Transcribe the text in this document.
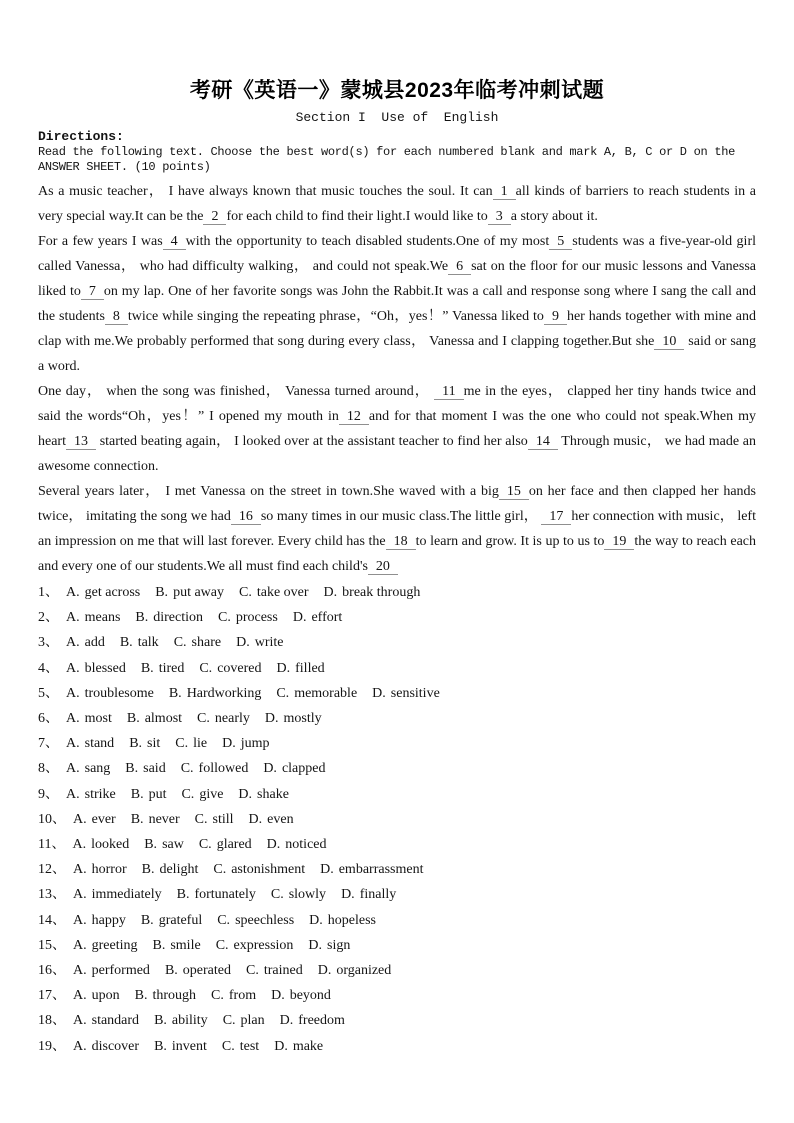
考研《英语一》蒙城县2023年临考冲刺试题
Section I  Use of  English
Directions:
Read the following text. Choose the best word(s) for each numbered blank and mark A, B, C or D on the ANSWER SHEET. (10 points)

As a music teacher， I have always known that music touches the soul. It can 1 all kinds of barriers to reach students in a very special way.It can be the 2 for each child to find their light.I would like to 3 a story about it.

For a few years I was 4 with the opportunity to teach disabled students.One of my most 5 students was a five-year-old girl called Vanessa， who had difficulty walking， and could not speak.We 6 sat on the floor for our music lessons and Vanessa liked to 7 on my lap. One of her favorite songs was John the Rabbit.It was a call and response song where I sang the call and the students 8 twice while singing the repeating phrase，“Oh，yes！” Vanessa liked to 9 her hands together with mine and clap with me.We probably performed that song during every class， Vanessa and I clapping together.But she 10 said or sang a word.

One day， when the song was finished， Vanessa turned around， 11 me in the eyes， clapped her tiny hands twice and said the words“Oh，yes！” I opened my mouth in 12 and for that moment I was the one who could not speak.When my heart 13 started beating again， I looked over at the assistant teacher to find her also 14 Through music， we had made an awesome connection.

Several years later， I met Vanessa on the street in town.She waved with a big 15 on her face and then clapped her hands twice， imitating the song we had 16 so many times in our music class.The little girl， 17 her connection with music， left an impression on me that will last forever. Every child has the 18 to learn and grow. It is up to us to 19 the way to reach each and every one of our students.We all must find each child's 20

1、 A. get across B. put away C. take over D. break through
2、 A. means B. direction C. process D. effort
3、 A. add B. talk C. share D. write
4、 A. blessed B. tired C. covered D. filled
5、 A. troublesome B. Hardworking C. memorable D. sensitive
6、 A. most B. almost C. nearly D. mostly
7、 A. stand B. sit C. lie D. jump
8、 A. sang B. said C. followed D. clapped
9、 A. strike B. put C. give D. shake
10、 A. ever B. never C. still D. even
11、 A. looked B. saw C. glared D. noticed
12、 A. horror B. delight C. astonishment D. embarrassment
13、 A. immediately B. fortunately C. slowly D. finally
14、 A. happy B. grateful C. speechless D. hopeless
15、 A. greeting B. smile C. expression D. sign
16、 A. performed B. operated C. trained D. organized
17、 A. upon B. through C. from D. beyond
18、 A. standard B. ability C. plan D. freedom
19、 A. discover B. invent C. test D. make
